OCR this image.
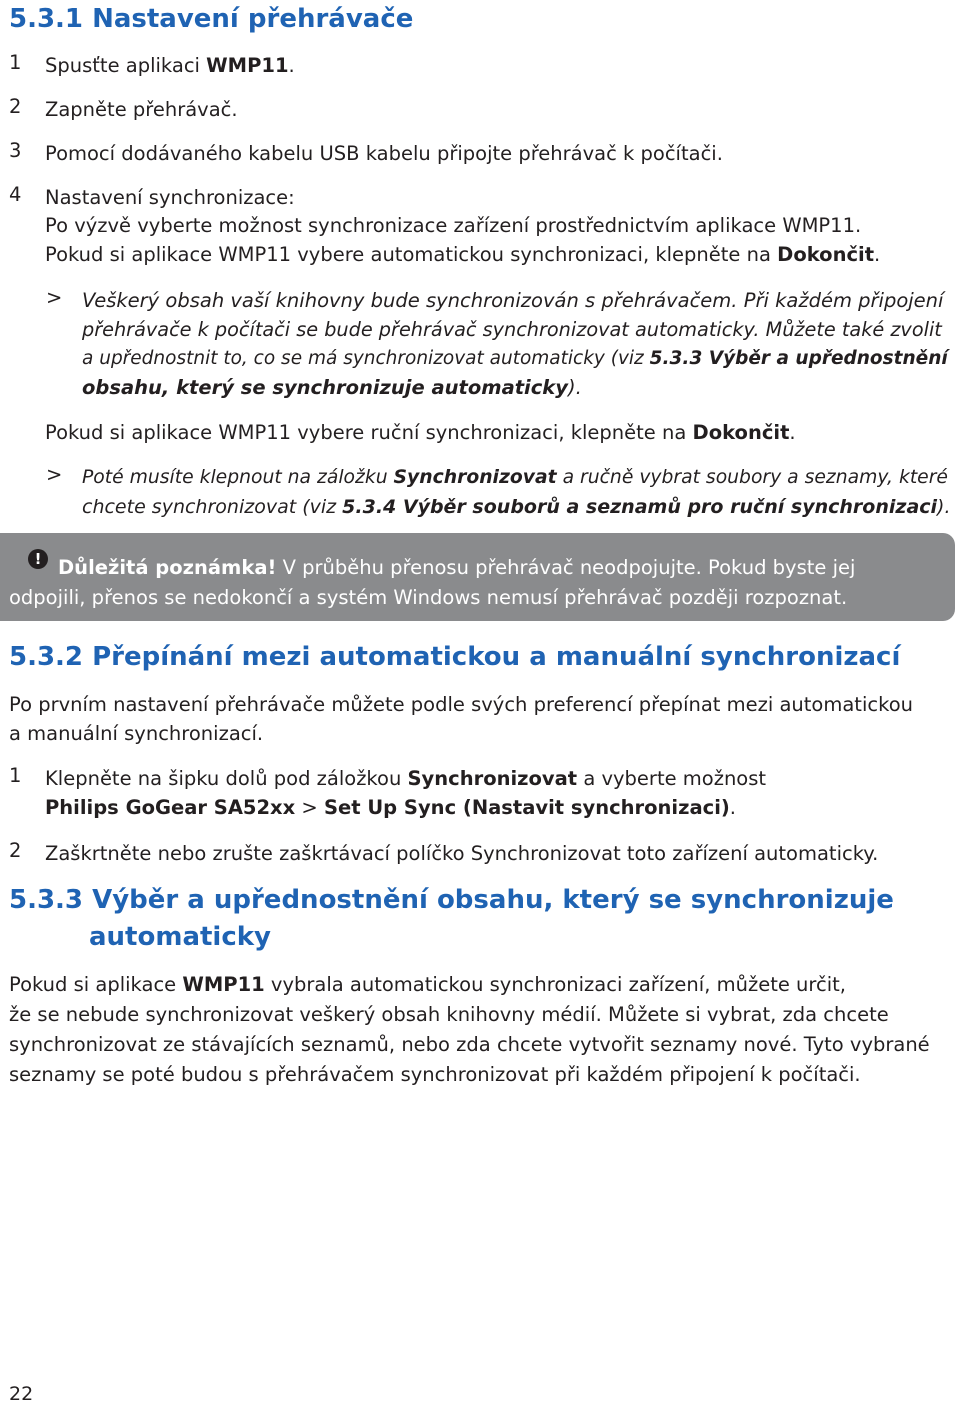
5.3.1 Nastavení přehrávače
1 Spusťte aplikaci WMP11.
2 Zapněte přehrávač.
3 Pomocí dodávaného kabelu USB kabelu připojte přehrávač k počítači.
4 Nastavení synchronizace:
Po výzvě vyberte možnost synchronizace zařízení prostřednictvím aplikace WMP11.
Pokud si aplikace WMP11 vybere automatickou synchronizaci, klepněte na Dokončit.
> Veškerý obsah vaší knihovny bude synchronizován s přehrávačem. Při každém připojení
přehrávače k počítači se bude přehrávač synchronizovat automaticky. Můžete také zvolit
a upřednostnit to, co se má synchronizovat automaticky (viz 5.3.3 Výběr a upřednostnění
obsahu, který se synchronizuje automaticky).
Pokud si aplikace WMP11 vybere ruční synchronizaci, klepněte na Dokončit.
> Poté musíte klepnout na záložku Synchronizovat a ručně vybrat soubory a seznamy, které
chcete synchronizovat (viz 5.3.4 Výběr souborů a seznamů pro ruční synchronizaci).
! Důležitá poznámka! V průběhu přenosu přehrávač neodpojujte. Pokud byste jej
odpojili, přenos se nedokončí a systém Windows nemusí přehrávač později rozpoznat.
5.3.2 Přepínání mezi automatickou a manuální synchronizací
Po prvním nastavení přehrávače můžete podle svých preferencí přepínat mezi automatickou
a manuální synchronizací.
1 Klepněte na šipku dolů pod záložkou Synchronizovat a vyberte možnost
Philips GoGear SA52xx > Set Up Sync (Nastavit synchronizaci).
2 Zaškrtněte nebo zrušte zaškrtávací políčko Synchronizovat toto zařízení automaticky.
5.3.3 Výběr a upřednostnění obsahu, který se synchronizuje
automaticky
Pokud si aplikace WMP11 vybrala automatickou synchronizaci zařízení, můžete určit,
že se nebude synchronizovat veškerý obsah knihovny médií. Můžete si vybrat, zda chcete
synchronizovat ze stávajících seznamů, nebo zda chcete vytvořit seznamy nové. Tyto vybrané
seznamy se poté budou s přehrávačem synchronizovat při každém připojení k počítači.
22
